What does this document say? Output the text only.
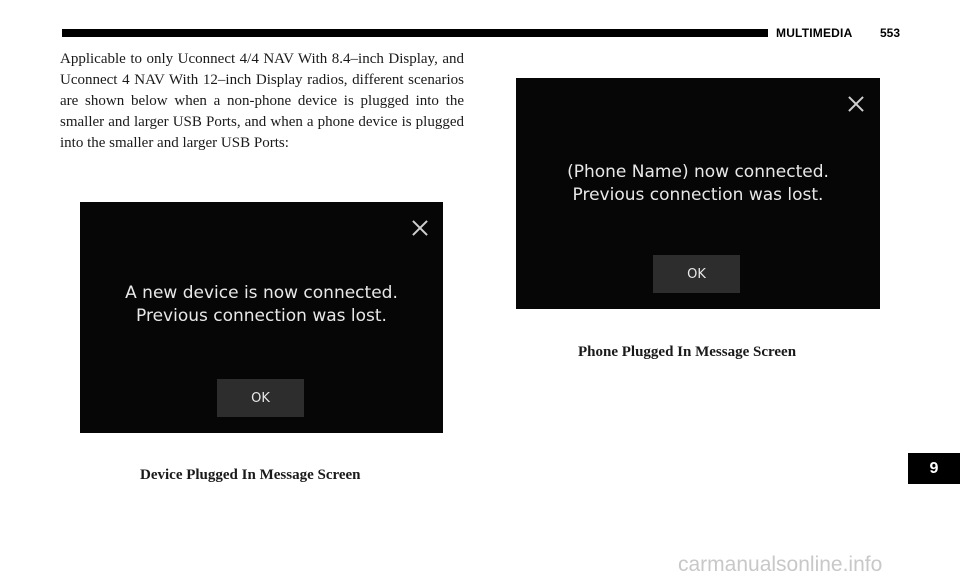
MULTIMEDIA 553

Applicable to only Uconnect 4/4 NAV With 8.4–inch Display, and Uconnect 4 NAV With 12–inch Display radios, different scenarios are shown below when a non-phone device is plugged into the smaller and larger USB Ports, and when a phone device is plugged into the smaller and larger USB Ports:

A new device is now connected.
Previous connection was lost.
OK
Device Plugged In Message Screen
(Phone Name) now connected.
Previous connection was lost.
OK
Phone Plugged In Message Screen
9
carmanualsonline.info
